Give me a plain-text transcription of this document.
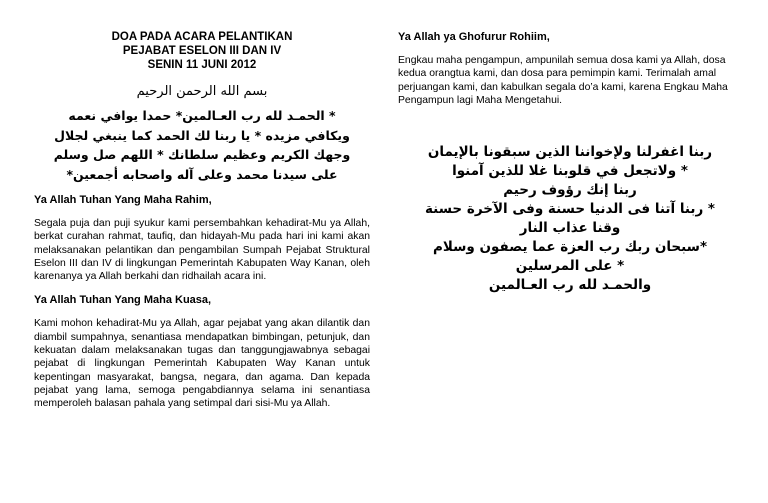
DOA PADA ACARA PELANTIKAN
PEJABAT ESELON III DAN IV
SENIN 11 JUNI 2012
بسم الله الرحمن الرحيم
* الحمـد لله رب العـالمين* حمدا يوافي نعمه
ويكافي مزيده * يا ربنا لك الحمد كما ينبغي لجلال
وجهك الكريم وعظيم سلطانك * اللهم صل وسلم
على سيدنا محمد وعلى آله واصحابه أجمعين*
Ya Allah Tuhan Yang Maha Rahim,

Segala puja dan puji syukur kami persembahkan kehadirat-Mu ya Allah, berkat curahan rahmat, taufiq, dan hidayah-Mu pada hari ini kami akan melaksanakan pelantikan dan pengambilan Sumpah Pejabat Struktural Eselon III dan IV di lingkungan Pemerintah Kabupaten Way Kanan, oleh karenanya ya Allah berkahi dan ridhailah acara ini.

Ya Allah Tuhan Yang Maha Kuasa,

Kami mohon kehadirat-Mu ya Allah, agar pejabat yang akan dilantik dan diambil sumpahnya, senantiasa mendapatkan bimbingan, petunjuk, dan kekuatan dalam melaksanakan tugas dan tanggungjawabnya sebagai pejabat di lingkungan Pemerintah Kabupaten Way Kanan untuk kepentingan masyarakat, bangsa, negara, dan agama. Dan kepada pejabat yang lama, semoga pengabdiannya selama ini senantiasa memperoleh balasan pahala yang setimpal dari sisi-Mu ya Allah.

Ya Allah ya Ghofurur Rohiim,

Engkau maha pengampun, ampunilah semua dosa kami ya Allah, dosa kedua orangtua kami, dan dosa para pemimpin kami. Terimalah amal perjuangan kami, dan kabulkan segala do’a kami, karena Engkau Maha Pengampun lagi Maha Mengetahui.

ربنا اغفرلنا ولإخواننا الذين سبقونا بالإيمان
* ولاتجعل في قلوبنا غلا للذين آمنوا
ربنا إنك رؤوف رحيم
* ربنا آتنا فى الدنيا حسنة وفى الآخرة حسنة
وقنا عذاب النار
*سبحان ربك رب العزة عما يصفون وسلام
* على المرسلين
والحمـد لله رب العـالمين
